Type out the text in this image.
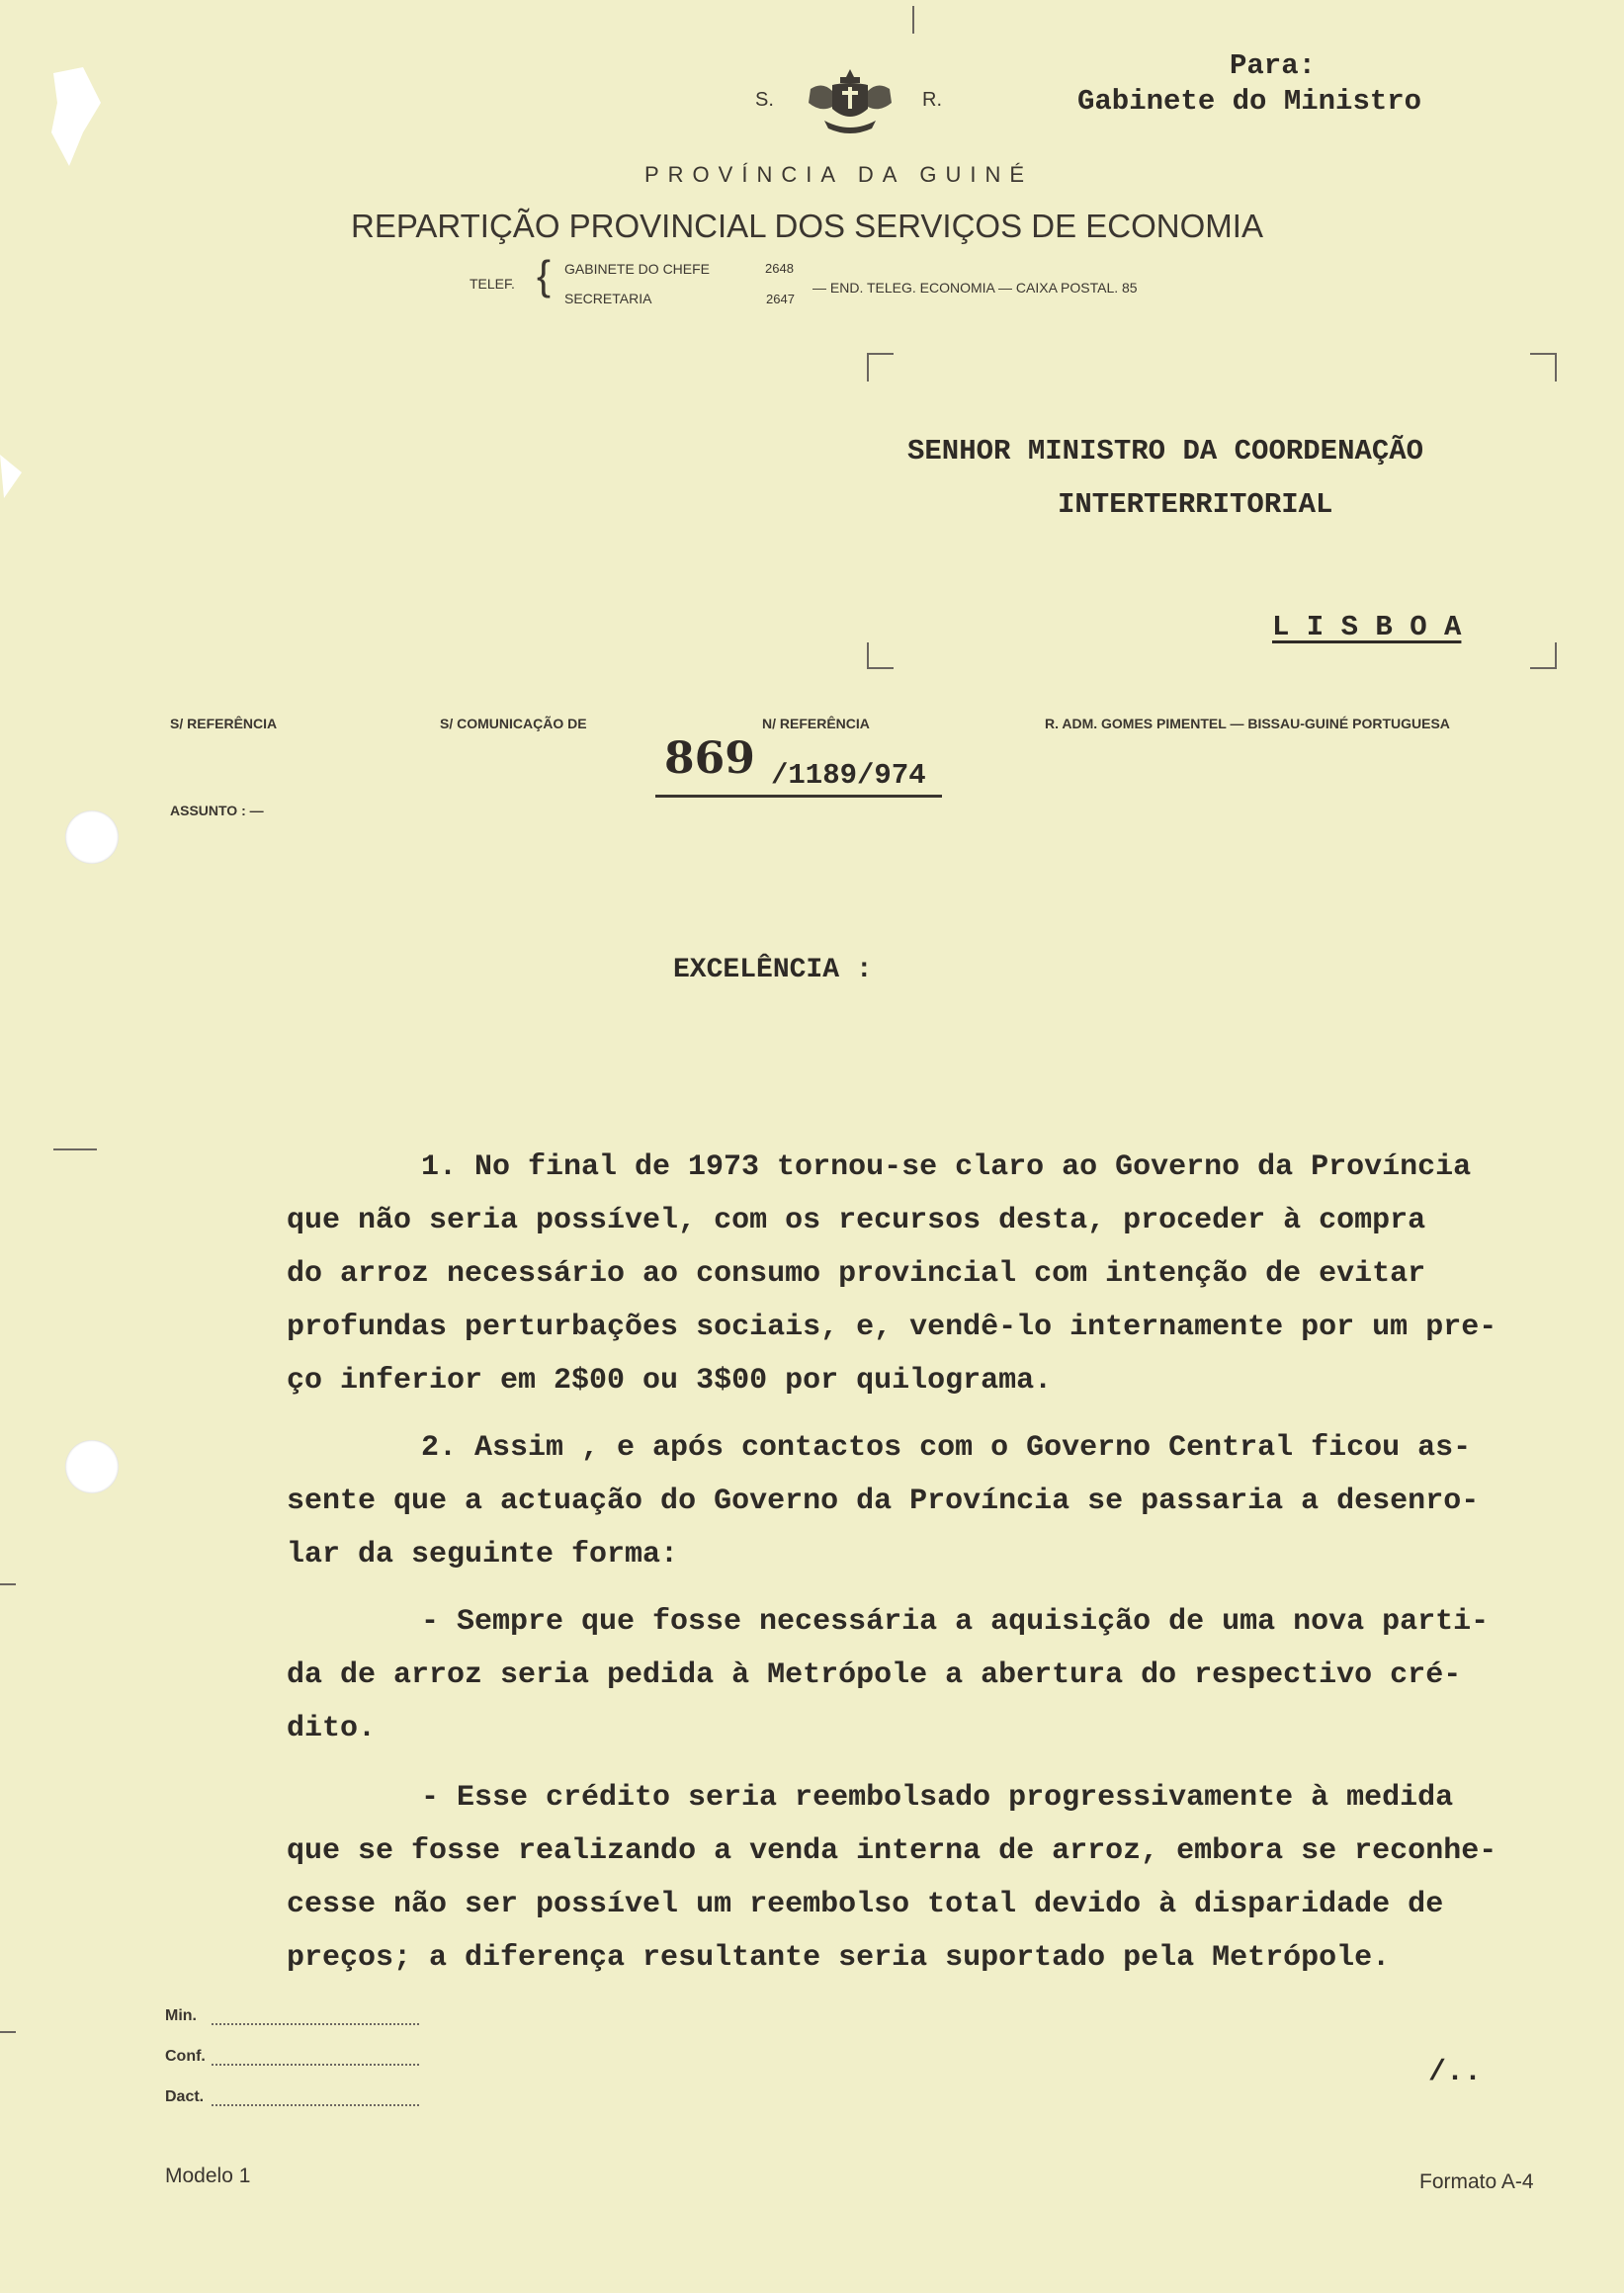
S.	R.
Para:
Gabinete do Ministro
PROVÍNCIA DA GUINÉ
REPARTIÇÃO PROVINCIAL DOS SERVIÇOS DE ECONOMIA
TELEF. { GABINETE DO CHEFE	2648
SECRETARIA	2647
— END. TELEG. ECONOMIA — CAIXA POSTAL. 85
SENHOR MINISTRO DA COORDENAÇÃO
INTERTERRITORIAL
L I S B O A
S/ REFERÊNCIA	S/ COMUNICAÇÃO DE	N/ REFERÊNCIA	R. ADM. GOMES PIMENTEL — BISSAU-GUINÉ PORTUGUESA
869 /1189/974
ASSUNTO : —
EXCELÊNCIA :
1. No final de 1973 tornou-se claro ao Governo da Província
que não seria possível, com os recursos desta, proceder à compra
do arroz necessário ao consumo provincial com intenção de evitar
profundas perturbações sociais, e, vendê-lo internamente por um pre-
ço inferior em 2$00 ou 3$00 por quilograma.
2. Assim , e após contactos com o Governo Central ficou as-
sente que a actuação do Governo da Província se passaria a desenro-
lar da seguinte forma:
- Sempre que fosse necessária a aquisição de uma nova parti-
da de arroz seria pedida à Metrópole a abertura do respectivo cré-
dito.
- Esse crédito seria reembolsado progressivamente à medida
que se fosse realizando a venda interna de arroz, embora se reconhe-
cesse não ser possível um reembolso total devido à disparidade de
preços; a diferença resultante seria suportado pela Metrópole.
/..
Min.
Conf.
Dact.
Modelo 1	Formato A-4
